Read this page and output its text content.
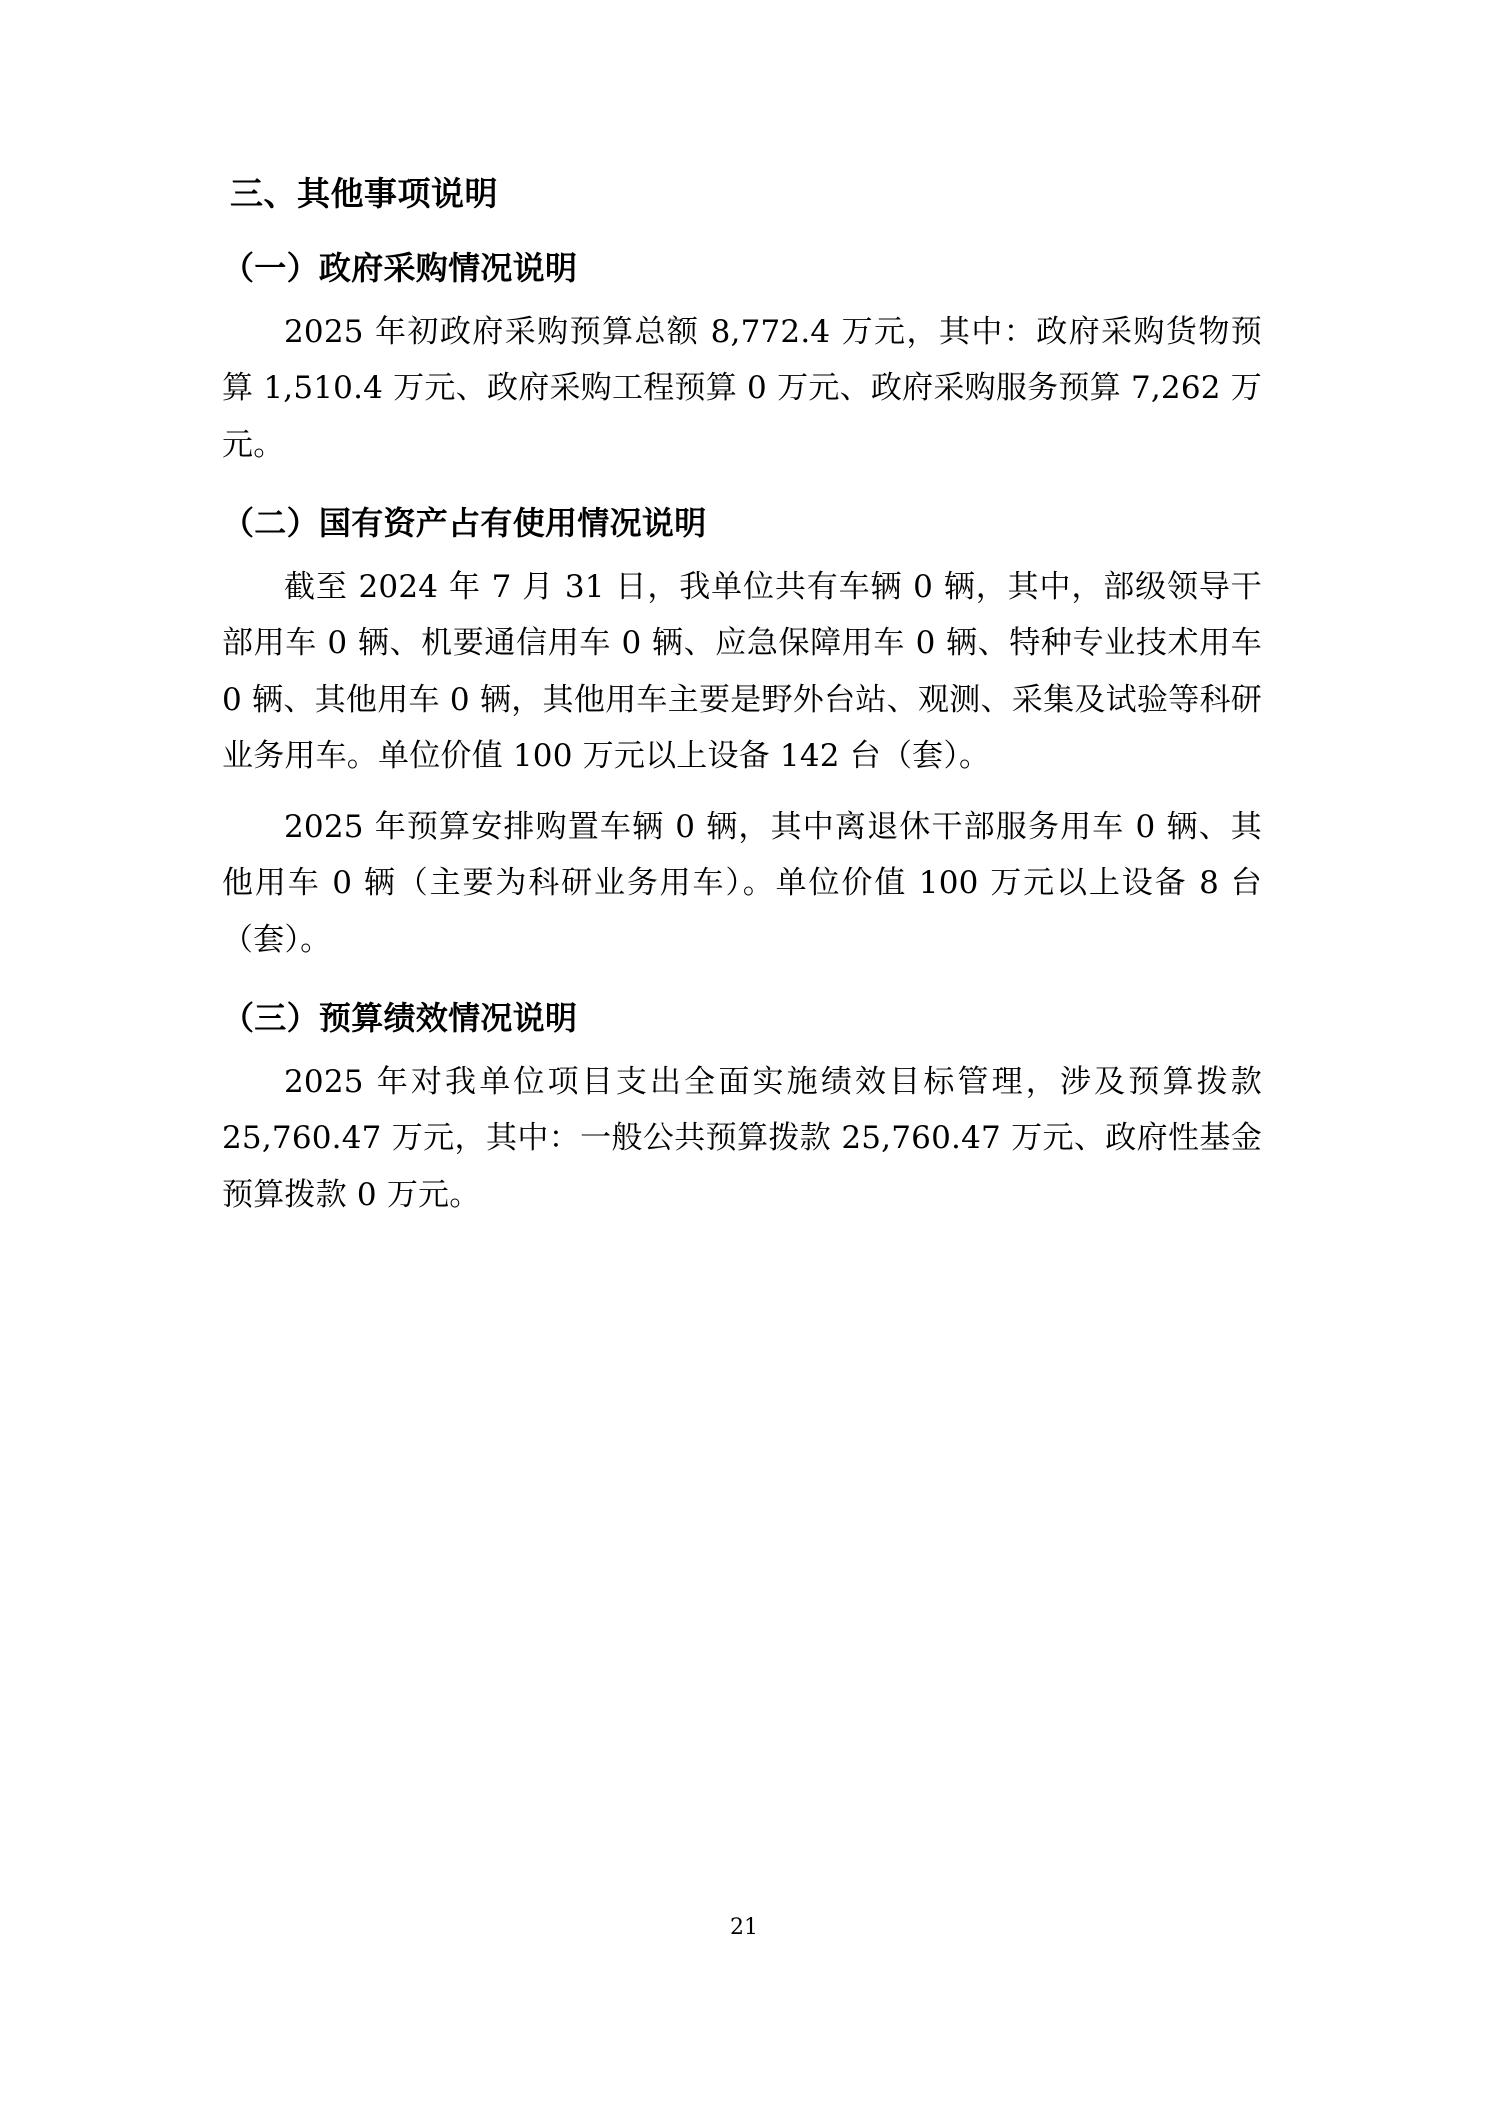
三、其他事项说明
（一）政府采购情况说明

2025 年初政府采购预算总额 8,772.4 万元，其中：政府采购货物预算 1,510.4 万元、政府采购工程预算 0 万元、政府采购服务预算 7,262 万元。

（二）国有资产占有使用情况说明

截至 2024 年 7 月 31 日，我单位共有车辆 0 辆，其中，部级领导干部用车 0 辆、机要通信用车 0 辆、应急保障用车 0 辆、特种专业技术用车 0 辆、其他用车 0 辆，其他用车主要是野外台站、观测、采集及试验等科研业务用车。单位价值 100 万元以上设备 142 台（套）。

2025 年预算安排购置车辆 0 辆，其中离退休干部服务用车 0 辆、其他用车 0 辆（主要为科研业务用车）。单位价值 100 万元以上设备 8 台（套）。

（三）预算绩效情况说明

2025 年对我单位项目支出全面实施绩效目标管理，涉及预算拨款 25,760.47 万元，其中：一般公共预算拨款 25,760.47 万元、政府性基金预算拨款 0 万元。

21
